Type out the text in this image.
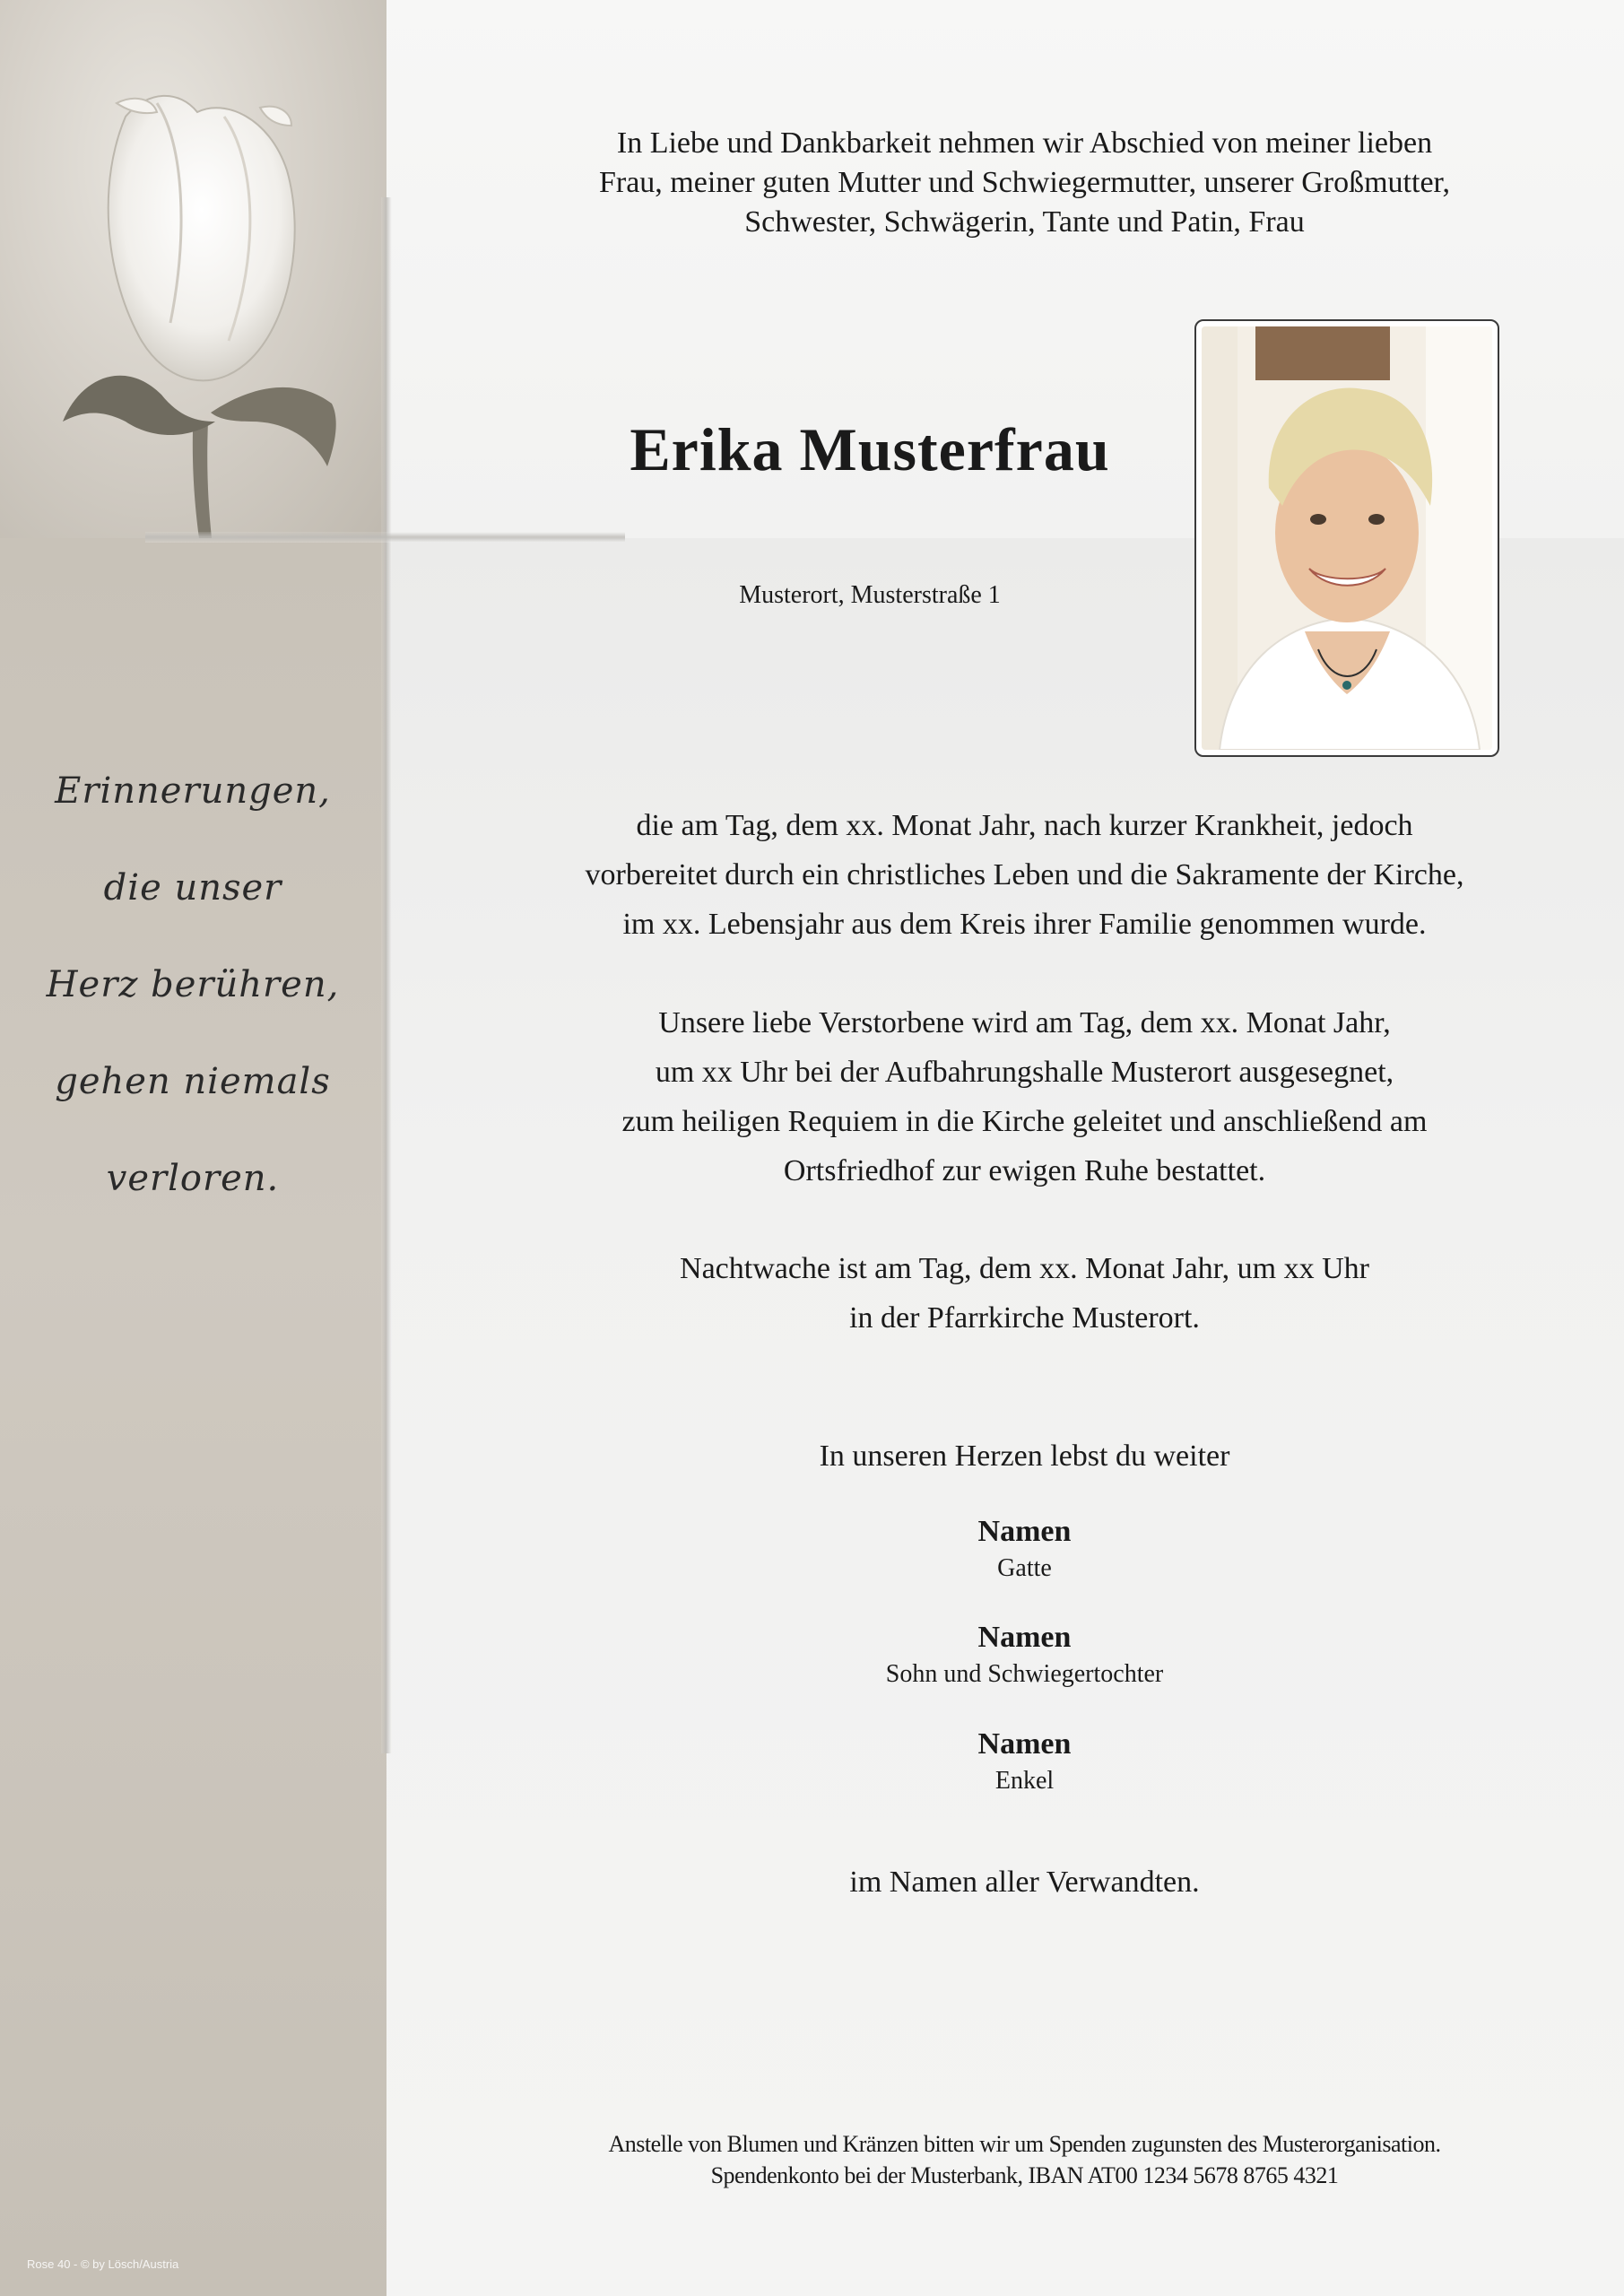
Erinnerungen,
die unser
Herz berühren,
gehen niemals
verloren.
Rose 40 - © by Lösch/Austria
In Liebe und Dankbarkeit nehmen wir Abschied von meiner lieben
Frau, meiner guten Mutter und Schwiegermutter, unserer Großmutter,
Schwester, Schwägerin, Tante und Patin, Frau
Erika Musterfrau
Musterort, Musterstraße 1
die am Tag, dem xx. Monat Jahr, nach kurzer Krankheit, jedoch
vorbereitet durch ein christliches Leben und die Sakramente der Kirche,
im xx. Lebensjahr aus dem Kreis ihrer Familie genommen wurde.
Unsere liebe Verstorbene wird am Tag, dem xx. Monat Jahr,
um xx Uhr bei der Aufbahrungshalle Musterort ausgesegnet,
zum heiligen Requiem in die Kirche geleitet und anschließend am
Ortsfriedhof zur ewigen Ruhe bestattet.
Nachtwache ist am Tag, dem xx. Monat Jahr, um xx Uhr
in der Pfarrkirche Musterort.
In unseren Herzen lebst du weiter
Namen
Gatte
Namen
Sohn und Schwiegertochter
Namen
Enkel
im Namen aller Verwandten.
Anstelle von Blumen und Kränzen bitten wir um Spenden zugunsten des Musterorganisation.
Spendenkonto bei der Musterbank, IBAN AT00 1234 5678 8765 4321
